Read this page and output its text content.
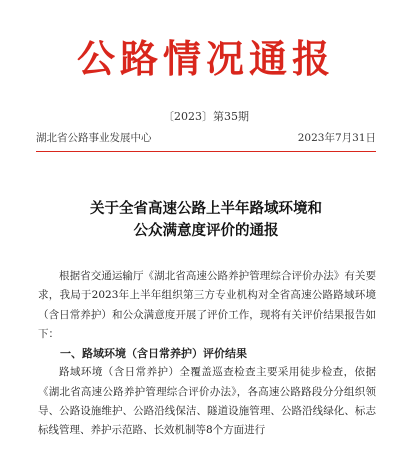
公路情况通报
〔2023〕第35期
湖北省公路事业发展中心	2023年7月31日
关于全省高速公路上半年路域环境和
公众满意度评价的通报

根据省交通运输厅《湖北省高速公路养护管理综合评价办法》有关要求，我局于2023年上半年组织第三方专业机构对全省高速公路路域环境（含日常养护）和公众满意度开展了评价工作，现将有关评价结果报告如下：

一、路域环境（含日常养护）评价结果

路域环境（含日常养护）全覆盖巡查检查主要采用徒步检查，依据《湖北省高速公路养护管理综合评价办法》，各高速公路路段分分组织领导、公路设施维护、公路沿线保洁、隧道设施管理、公路沿线绿化、标志标线管理、养护示范路、长效机制等8个方面进行
